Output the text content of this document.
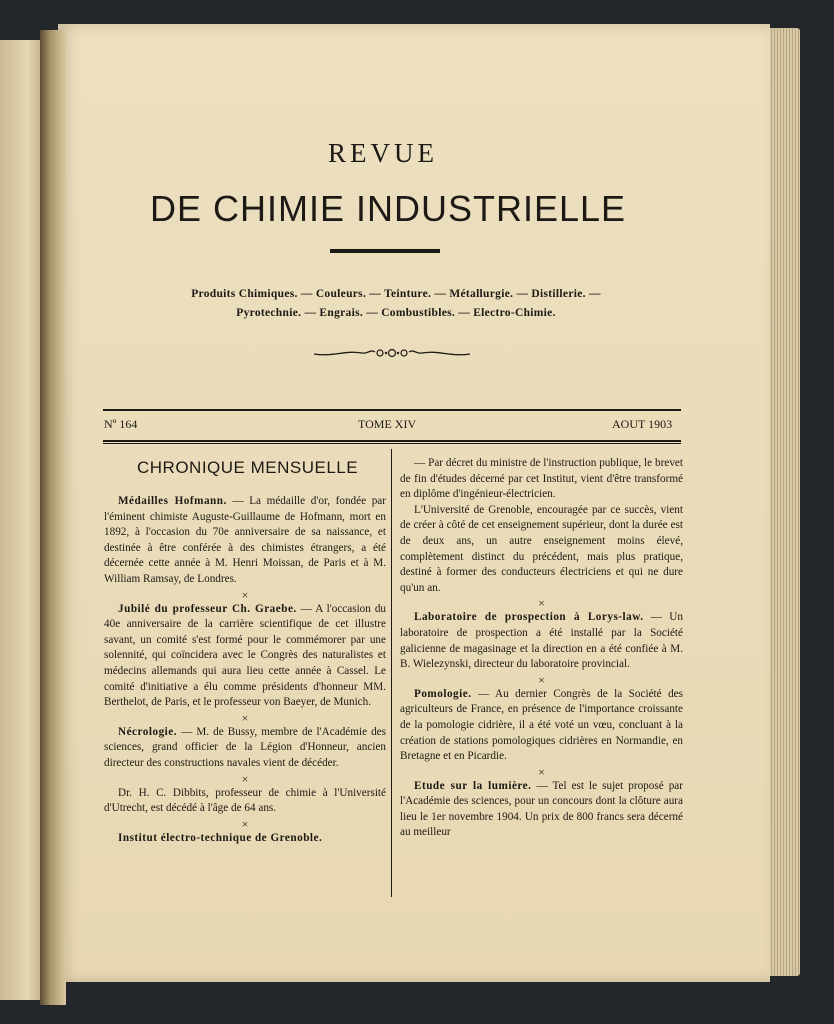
REVUE
DE CHIMIE INDUSTRIELLE
Produits Chimiques. — Couleurs. — Teinture. — Métallurgie. — Distillerie. —
Pyrotechnie. — Engrais. — Combustibles. — Electro-Chimie.
Nº 164	TOME XIV	AOUT 1903
CHRONIQUE MENSUELLE

Médailles Hofmann. — La médaille d'or, fondée par l'éminent chimiste Auguste-Guillaume de Hofmann, mort en 1892, à l'occasion du 70e anniversaire de sa naissance, et destinée à être conférée à des chimistes étrangers, a été décernée cette année à M. Henri Moissan, de Paris et à M. William Ramsay, de Londres.

×

Jubilé du professeur Ch. Graebe. — A l'occasion du 40e anniversaire de la carrière scientifique de cet illustre savant, un comité s'est formé pour le commémorer par une solennité, qui coïncidera avec le Congrès des naturalistes et médecins allemands qui aura lieu cette année à Cassel. Le comité d'initiative a élu comme présidents d'honneur MM. Berthelot, de Paris, et le professeur von Baeyer, de Munich.

×

Nécrologie. — M. de Bussy, membre de l'Académie des sciences, grand officier de la Légion d'Honneur, ancien directeur des constructions navales vient de décéder.

×

Dr. H. C. Dibbits, professeur de chimie à l'Université d'Utrecht, est décédé à l'âge de 64 ans.

×

Institut électro-technique de Grenoble.

— Par décret du ministre de l'instruction publique, le brevet de fin d'études décerné par cet Institut, vient d'être transformé en diplôme d'ingénieur-électricien.

L'Université de Grenoble, encouragée par ce succès, vient de créer à côté de cet enseignement supérieur, dont la durée est de deux ans, un autre enseignement moins élevé, complètement distinct du précédent, mais plus pratique, destiné à former des conducteurs électriciens et qui ne dure qu'un an.

×

Laboratoire de prospection à Lorys-law. — Un laboratoire de prospection a été installé par la Société galicienne de magasinage et la direction en a été confiée à M. B. Wielezynski, directeur du laboratoire provincial.

×

Pomologie. — Au dernier Congrès de la Société des agriculteurs de France, en présence de l'importance croissante de la pomologie cidrière, il a été voté un vœu, concluant à la création de stations pomologiques cidrières en Normandie, en Bretagne et en Picardie.

×

Etude sur la lumière. — Tel est le sujet proposé par l'Académie des sciences, pour un concours dont la clôture aura lieu le 1er novembre 1904. Un prix de 800 francs sera décerné au meilleur
